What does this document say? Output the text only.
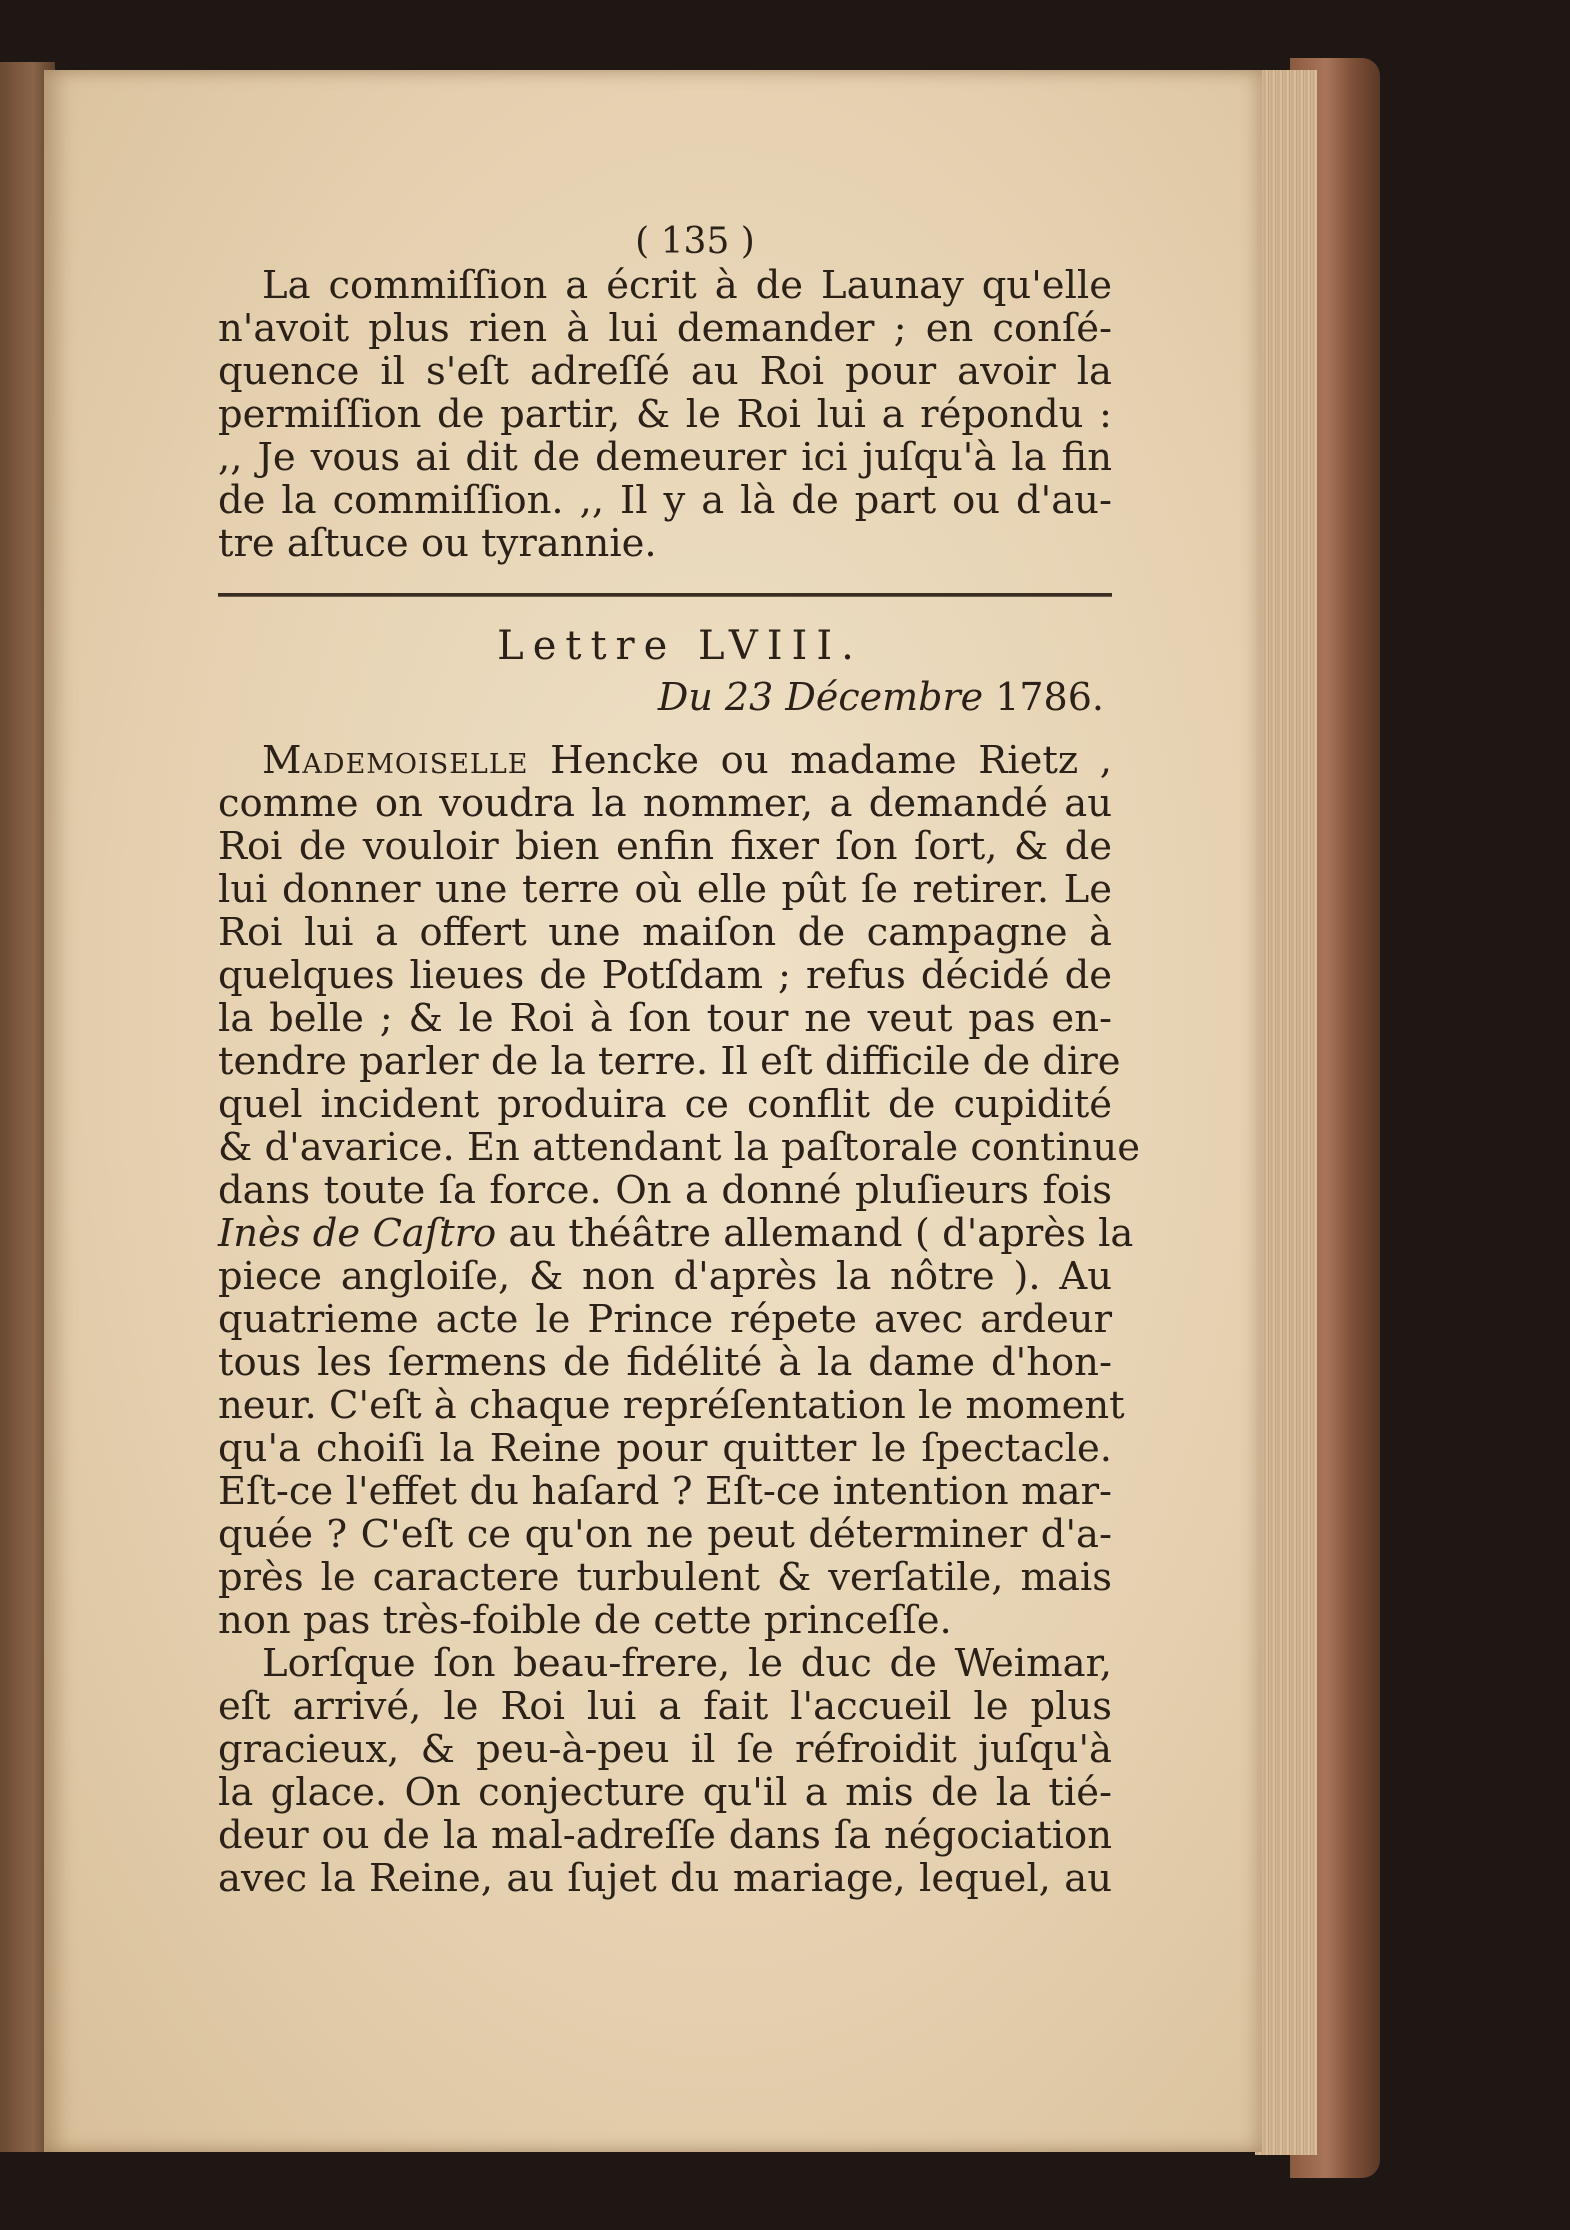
( 135 )
La commiſſion a écrit à de Launay qu'elle
n'avoit plus rien à lui demander ; en conſé-
quence il s'eſt adreſſé au Roi pour avoir la
permiſſion de partir, & le Roi lui a répondu :
,, Je vous ai dit de demeurer ici juſqu'à la fin
de la commiſſion. ,, Il y a là de part ou d'au-
tre aſtuce ou tyrannie.
Lettre LVIII.
Du 23 Décembre 1786.
Mademoiselle Hencke ou madame Rietz ,
comme on voudra la nommer, a demandé au
Roi de vouloir bien enfin fixer ſon ſort, & de
lui donner une terre où elle pût ſe retirer. Le
Roi lui a offert une maiſon de campagne à
quelques lieues de Potſdam ; refus décidé de
la belle ; & le Roi à ſon tour ne veut pas en-
tendre parler de la terre. Il eſt difficile de dire
quel incident produira ce conflit de cupidité
& d'avarice. En attendant la paſtorale continue
dans toute ſa force. On a donné pluſieurs fois
Inès de Caſtro au théâtre allemand ( d'après la
piece angloiſe, & non d'après la nôtre ). Au
quatrieme acte le Prince répete avec ardeur
tous les ſermens de fidélité à la dame d'hon-
neur. C'eſt à chaque repréſentation le moment
qu'a choiſi la Reine pour quitter le ſpectacle.
Eſt-ce l'effet du haſard ? Eſt-ce intention mar-
quée ? C'eſt ce qu'on ne peut déterminer d'a-
près le caractere turbulent & verſatile, mais
non pas très-foible de cette princeſſe.
Lorſque ſon beau-frere, le duc de Weimar,
eſt arrivé, le Roi lui a fait l'accueil le plus
gracieux, & peu-à-peu il ſe réfroidit juſqu'à
la glace. On conjecture qu'il a mis de la tié-
deur ou de la mal-adreſſe dans ſa négociation
avec la Reine, au ſujet du mariage, lequel, au
